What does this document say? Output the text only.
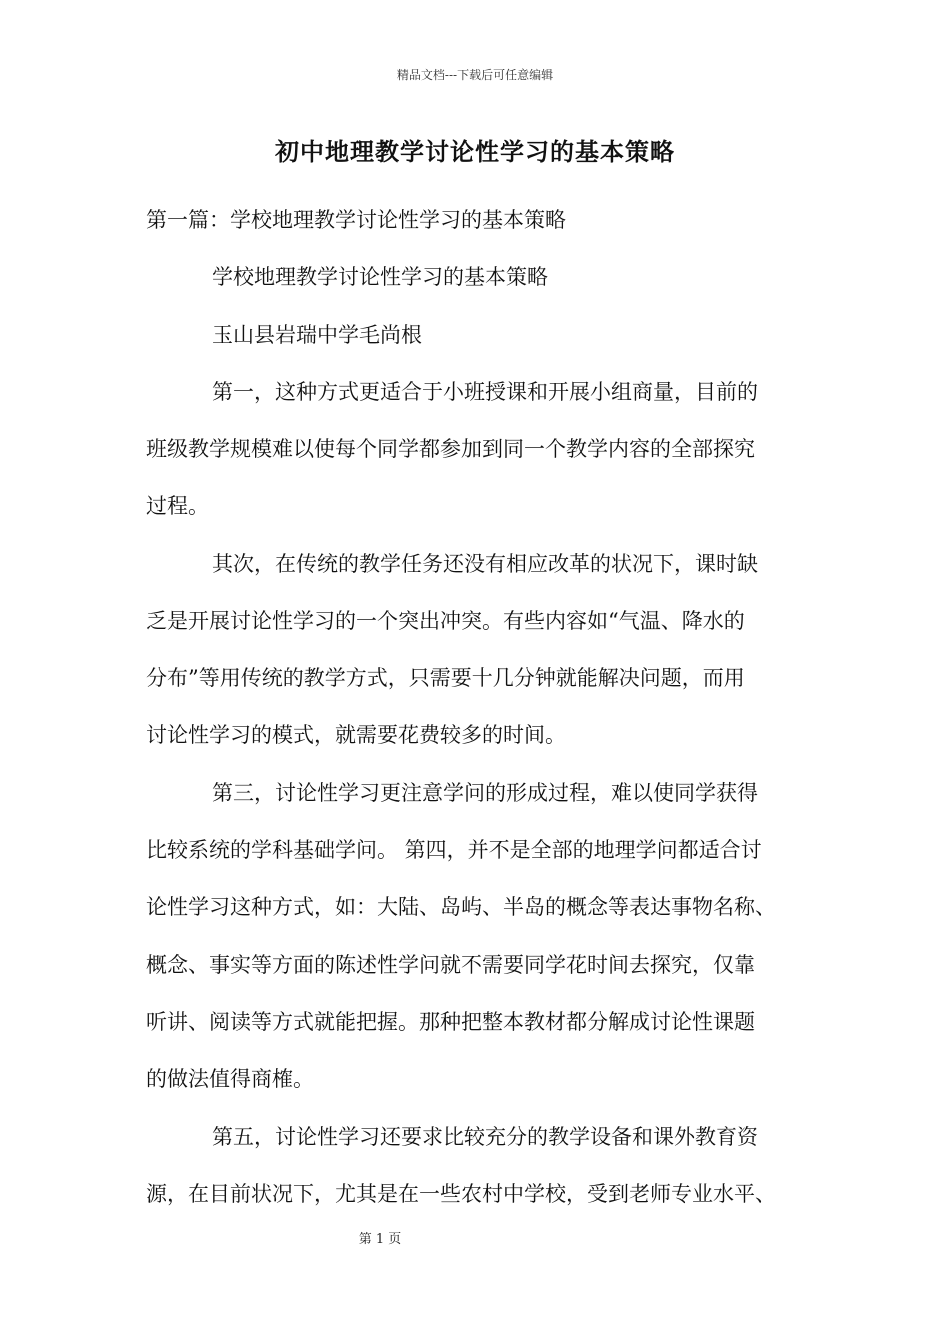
精品文档---下载后可任意编辑
初中地理教学讨论性学习的基本策略
第一篇：学校地理教学讨论性学习的基本策略
学校地理教学讨论性学习的基本策略
玉山县岩瑞中学毛尚根
第一，这种方式更适合于小班授课和开展小组商量，目前的
班级教学规模难以使每个同学都参加到同一个教学内容的全部探究
过程。
其次，在传统的教学任务还没有相应改革的状况下，课时缺
乏是开展讨论性学习的一个突出冲突。有些内容如“气温、降水的
分布”等用传统的教学方式，只需要十几分钟就能解决问题，而用
讨论性学习的模式，就需要花费较多的时间。
第三，讨论性学习更注意学问的形成过程，难以使同学获得
比较系统的学科基础学问。 第四，并不是全部的地理学问都适合讨
论性学习这种方式，如：大陆、岛屿、半岛的概念等表达事物名称、
概念、事实等方面的陈述性学问就不需要同学花时间去探究，仅靠
听讲、阅读等方式就能把握。那种把整本教材都分解成讨论性课题
的做法值得商榷。
第五，讨论性学习还要求比较充分的教学设备和课外教育资
源，在目前状况下，尤其是在一些农村中学校，受到老师专业水平、
第 1 页
